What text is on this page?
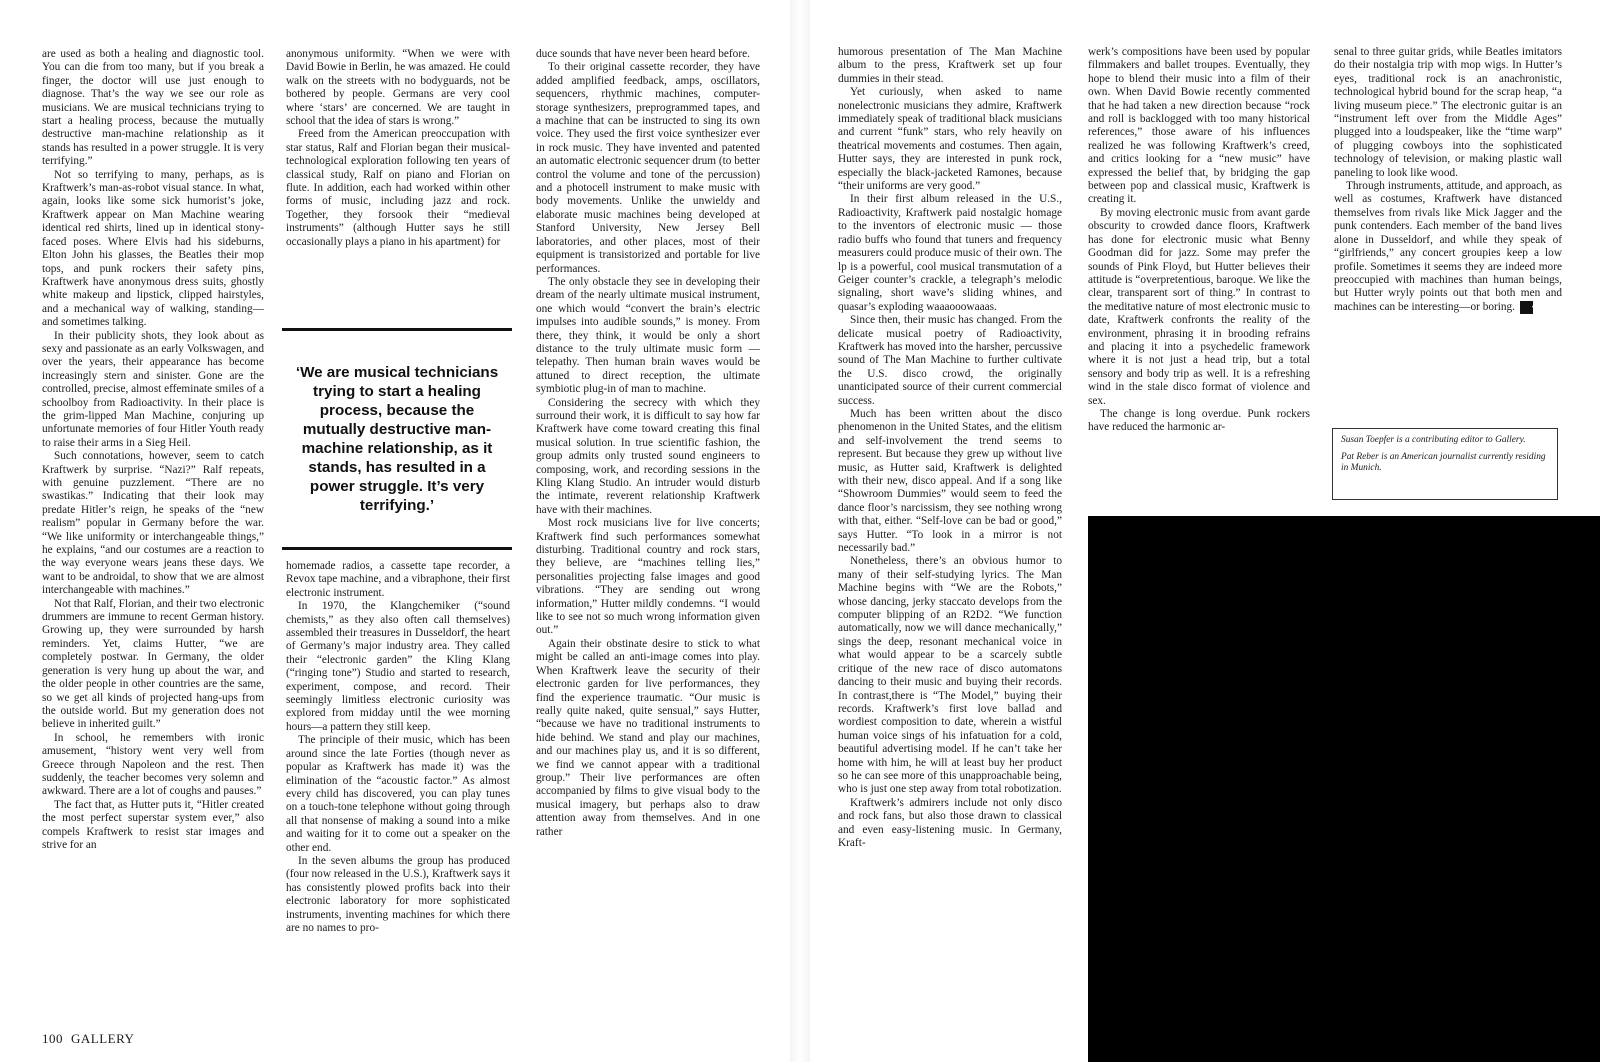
are used as both a healing and diagnostic tool. You can die from too many, but if you break a finger, the doctor will use just enough to diagnose. That’s the way we see our role as musicians. We are musical technicians trying to start a healing process, because the mutually destructive man-machine relationship as it stands has resulted in a power struggle. It is very terrifying.”

Not so terrifying to many, perhaps, as is Kraftwerk’s man-as-robot visual stance. In what, again, looks like some sick humorist’s joke, Kraftwerk appear on Man Machine wearing identical red shirts, lined up in identical stony-faced poses. Where Elvis had his sideburns, Elton John his glasses, the Beatles their mop tops, and punk rockers their safety pins, Kraftwerk have anonymous dress suits, ghostly white makeup and lipstick, clipped hairstyles, and a mechanical way of walking, standing—and sometimes talking.

In their publicity shots, they look about as sexy and passionate as an early Volkswagen, and over the years, their appearance has become increasingly stern and sinister. Gone are the controlled, precise, almost effeminate smiles of a schoolboy from Radioactivity. In their place is the grim-lipped Man Machine, conjuring up unfortunate memories of four Hitler Youth ready to raise their arms in a Sieg Heil.

Such connotations, however, seem to catch Kraftwerk by surprise. “Nazi?” Ralf repeats, with genuine puzzlement. “There are no swastikas.” Indicating that their look may predate Hitler’s reign, he speaks of the “new realism” popular in Germany before the war. “We like uniformity or interchangeable things,” he explains, “and our costumes are a reaction to the way everyone wears jeans these days. We want to be androidal, to show that we are almost interchangeable with machines.”

Not that Ralf, Florian, and their two electronic drummers are immune to recent German history. Growing up, they were surrounded by harsh reminders. Yet, claims Hutter, “we are completely postwar. In Germany, the older generation is very hung up about the war, and the older people in other countries are the same, so we get all kinds of projected hang-ups from the outside world. But my generation does not believe in inherited guilt.”

In school, he remembers with ironic amusement, “history went very well from Greece through Napoleon and the rest. Then suddenly, the teacher becomes very solemn and awkward. There are a lot of coughs and pauses.”

The fact that, as Hutter puts it, “Hitler created the most perfect superstar system ever,” also compels Kraftwerk to resist star images and strive for an

anonymous uniformity. “When we were with David Bowie in Berlin, he was amazed. He could walk on the streets with no bodyguards, not be bothered by people. Germans are very cool where ‘stars’ are concerned. We are taught in school that the idea of stars is wrong.”

Freed from the American preoccupation with star status, Ralf and Florian began their musical-technological exploration following ten years of classical study, Ralf on piano and Florian on flute. In addition, each had worked within other forms of music, including jazz and rock. Together, they forsook their “medieval instruments” (although Hutter says he still occasionally plays a piano in his apartment) for

‘We are musical technicians trying to start a healing process, because the mutually destructive man-machine relationship, as it stands, has resulted in a power struggle. It’s very terrifying.’

homemade radios, a cassette tape recorder, a Revox tape machine, and a vibraphone, their first electronic instrument.

In 1970, the Klangchemiker (“sound chemists,” as they also often call themselves) assembled their treasures in Dusseldorf, the heart of Germany’s major industry area. They called their “electronic garden” the Kling Klang (“ringing tone”) Studio and started to research, experiment, compose, and record. Their seemingly limitless electronic curiosity was explored from midday until the wee morning hours—a pattern they still keep.

The principle of their music, which has been around since the late Forties (though never as popular as Kraftwerk has made it) was the elimination of the “acoustic factor.” As almost every child has discovered, you can play tunes on a touch-tone telephone without going through all that nonsense of making a sound into a mike and waiting for it to come out a speaker on the other end.

In the seven albums the group has produced (four now released in the U.S.), Kraftwerk says it has consistently plowed profits back into their electronic laboratory for more sophisticated instruments, inventing machines for which there are no names to pro-

duce sounds that have never been heard before.

To their original cassette recorder, they have added amplified feedback, amps, oscillators, sequencers, rhythmic machines, computer-storage synthesizers, preprogrammed tapes, and a machine that can be instructed to sing its own voice. They used the first voice synthesizer ever in rock music. They have invented and patented an automatic electronic sequencer drum (to better control the volume and tone of the percussion) and a photocell instrument to make music with body movements. Unlike the unwieldy and elaborate music machines being developed at Stanford University, New Jersey Bell laboratories, and other places, most of their equipment is transistorized and portable for live performances.

The only obstacle they see in developing their dream of the nearly ultimate musical instrument, one which would “convert the brain’s electric impulses into audible sounds,” is money. From there, they think, it would be only a short distance to the truly ultimate music form — telepathy. Then human brain waves would be attuned to direct reception, the ultimate symbiotic plug-in of man to machine.

Considering the secrecy with which they surround their work, it is difficult to say how far Kraftwerk have come toward creating this final musical solution. In true scientific fashion, the group admits only trusted sound engineers to composing, work, and recording sessions in the Kling Klang Studio. An intruder would disturb the intimate, reverent relationship Kraftwerk have with their machines.

Most rock musicians live for live concerts; Kraftwerk find such performances somewhat disturbing. Traditional country and rock stars, they believe, are “machines telling lies,” personalities projecting false images and good vibrations. “They are sending out wrong information,” Hutter mildly condemns. “I would like to see not so much wrong information given out.”

Again their obstinate desire to stick to what might be called an anti-image comes into play. When Kraftwerk leave the security of their electronic garden for live performances, they find the experience traumatic. “Our music is really quite naked, quite sensual,” says Hutter, “because we have no traditional instruments to hide behind. We stand and play our machines, and our machines play us, and it is so different, we find we cannot appear with a traditional group.” Their live performances are often accompanied by films to give visual body to the musical imagery, but perhaps also to draw attention away from themselves. And in one rather

100 GALLERY

humorous presentation of The Man Machine album to the press, Kraftwerk set up four dummies in their stead.

Yet curiously, when asked to name nonelectronic musicians they admire, Kraftwerk immediately speak of traditional black musicians and current “funk” stars, who rely heavily on theatrical movements and costumes. Then again, Hutter says, they are interested in punk rock, especially the black-jacketed Ramones, because “their uniforms are very good.”

In their first album released in the U.S., Radioactivity, Kraftwerk paid nostalgic homage to the inventors of electronic music — those radio buffs who found that tuners and frequency measurers could produce music of their own. The lp is a powerful, cool musical transmutation of a Geiger counter’s crackle, a telegraph’s melodic signaling, short wave’s sliding whines, and quasar’s exploding waaaooowaaas.

Since then, their music has changed. From the delicate musical poetry of Radioactivity, Kraftwerk has moved into the harsher, percussive sound of The Man Machine to further cultivate the U.S. disco crowd, the originally unanticipated source of their current commercial success.

Much has been written about the disco phenomenon in the United States, and the elitism and self-involvement the trend seems to represent. But because they grew up without live music, as Hutter said, Kraftwerk is delighted with their new, disco appeal. And if a song like “Showroom Dummies” would seem to feed the dance floor’s narcissism, they see nothing wrong with that, either. “Self-love can be bad or good,” says Hutter. “To look in a mirror is not necessarily bad.”

Nonetheless, there’s an obvious humor to many of their self-studying lyrics. The Man Machine begins with “We are the Robots,” whose dancing, jerky staccato develops from the computer blipping of an R2D2. “We function automatically, now we will dance mechanically,” sings the deep, resonant mechanical voice in what would appear to be a scarcely subtle critique of the new race of disco automatons dancing to their music and buying their records. In contrast,there is “The Model,” buying their records. Kraftwerk’s first love ballad and wordiest composition to date, wherein a wistful human voice sings of his infatuation for a cold, beautiful advertising model. If he can’t take her home with him, he will at least buy her product so he can see more of this unapproachable being, who is just one step away from total robotization.

Kraftwerk’s admirers include not only disco and rock fans, but also those drawn to classical and even easy-listening music. In Germany, Kraft-

werk’s compositions have been used by popular filmmakers and ballet troupes. Eventually, they hope to blend their music into a film of their own. When David Bowie recently commented that he had taken a new direction because “rock and roll is backlogged with too many historical references,” those aware of his influences realized he was following Kraftwerk’s creed, and critics looking for a “new music” have expressed the belief that, by bridging the gap between pop and classical music, Kraftwerk is creating it.

By moving electronic music from avant garde obscurity to crowded dance floors, Kraftwerk has done for electronic music what Benny Goodman did for jazz. Some may prefer the sounds of Pink Floyd, but Hutter believes their attitude is “overpretentious, baroque. We like the clear, transparent sort of thing.” In contrast to the meditative nature of most electronic music to date, Kraftwerk confronts the reality of the environment, phrasing it in brooding refrains and placing it into a psychedelic framework where it is not just a head trip, but a total sensory and body trip as well. It is a refreshing wind in the stale disco format of violence and sex.

The change is long overdue. Punk rockers have reduced the harmonic ar-

senal to three guitar grids, while Beatles imitators do their nostalgia trip with mop wigs. In Hutter’s eyes, traditional rock is an anachronistic, technological hybrid bound for the scrap heap, “a living museum piece.” The electronic guitar is an “instrument left over from the Middle Ages” plugged into a loudspeaker, like the “time warp” of plugging cowboys into the sophisticated technology of television, or making plastic wall paneling to look like wood.

Through instruments, attitude, and approach, as well as costumes, Kraftwerk have distanced themselves from rivals like Mick Jagger and the punk contenders. Each member of the band lives alone in Dusseldorf, and while they speak of “girlfriends,” any concert groupies keep a low profile. Sometimes it seems they are indeed more preoccupied with machines than human beings, but Hutter wryly points out that both men and machines can be interesting—or boring. ◆

Susan Toepfer is a contributing editor to Gallery.

Pat Reber is an American journalist currently residing in Munich.
